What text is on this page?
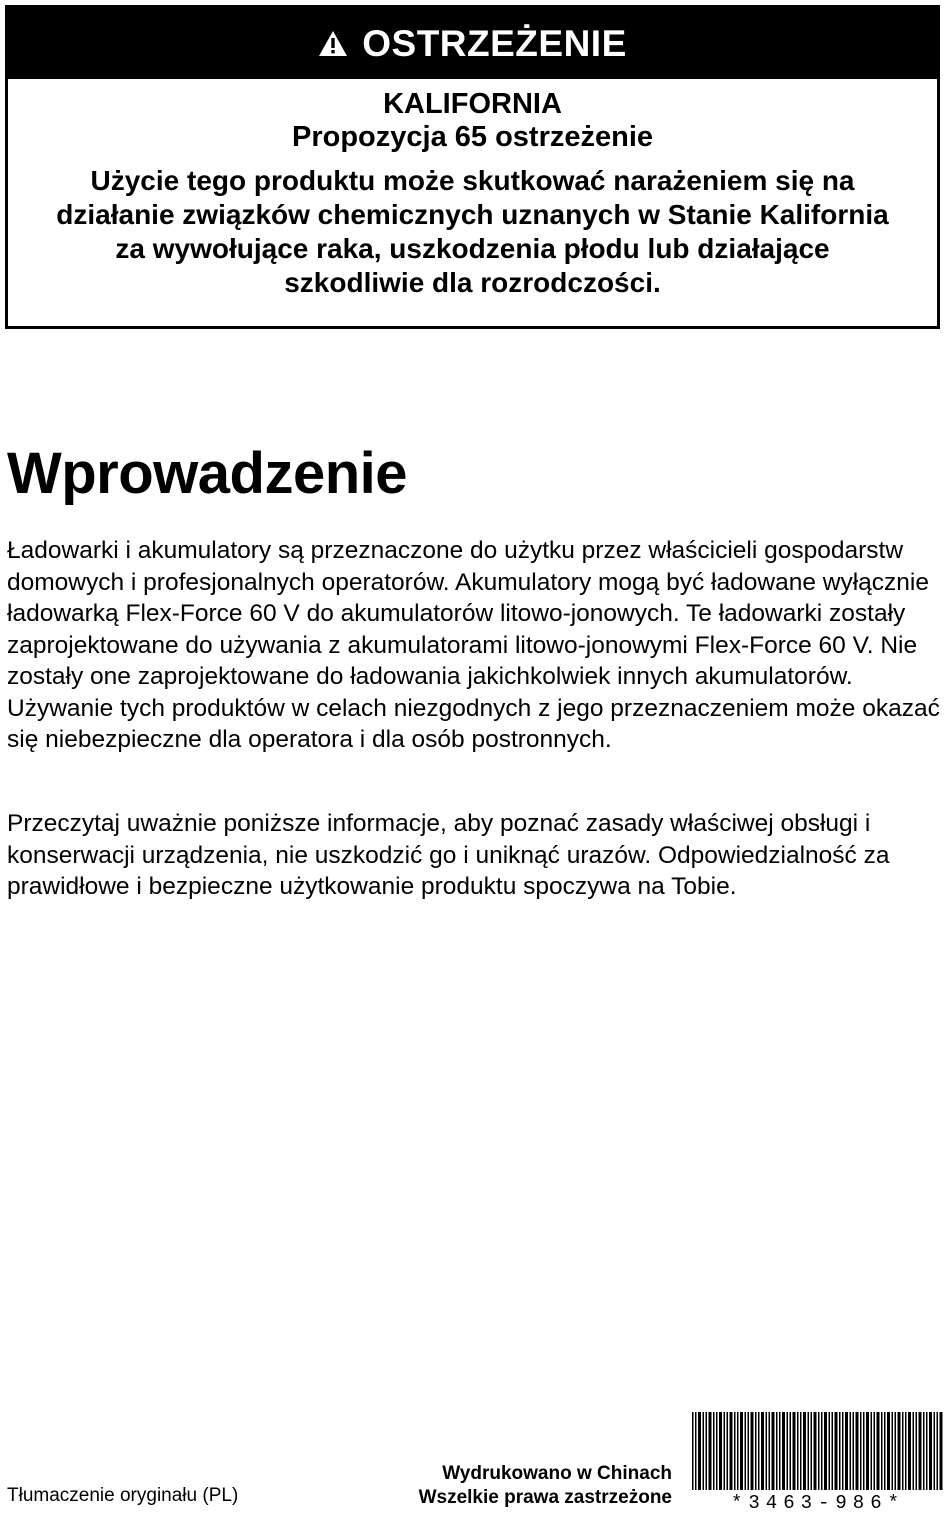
OSTRZEŻENIE
KALIFORNIA
Propozycja 65 ostrzeżenie
Użycie tego produktu może skutkować narażeniem się na działanie związków chemicznych uznanych w Stanie Kalifornia za wywołujące raka, uszkodzenia płodu lub działające szkodliwie dla rozrodczości.
Wprowadzenie

Ładowarki i akumulatory są przeznaczone do użytku przez właścicieli gospodarstw domowych i profesjonalnych operatorów. Akumulatory mogą być ładowane wyłącznie ładowarką Flex-Force 60 V do akumulatorów litowo-jonowych. Te ładowarki zostały zaprojektowane do używania z akumulatorami litowo-jonowymi Flex-Force 60 V. Nie zostały one zaprojektowane do ładowania jakichkolwiek innych akumulatorów. Używanie tych produktów w celach niezgodnych z jego przeznaczeniem może okazać się niebezpieczne dla operatora i dla osób postronnych.

Przeczytaj uważnie poniższe informacje, aby poznać zasady właściwej obsługi i konserwacji urządzenia, nie uszkodzić go i uniknąć urazów. Odpowiedzialność za prawidłowe i bezpieczne użytkowanie produktu spoczywa na Tobie.

Tłumaczenie oryginału (PL)
Wydrukowano w Chinach
Wszelkie prawa zastrzeżone	*3463-986*
